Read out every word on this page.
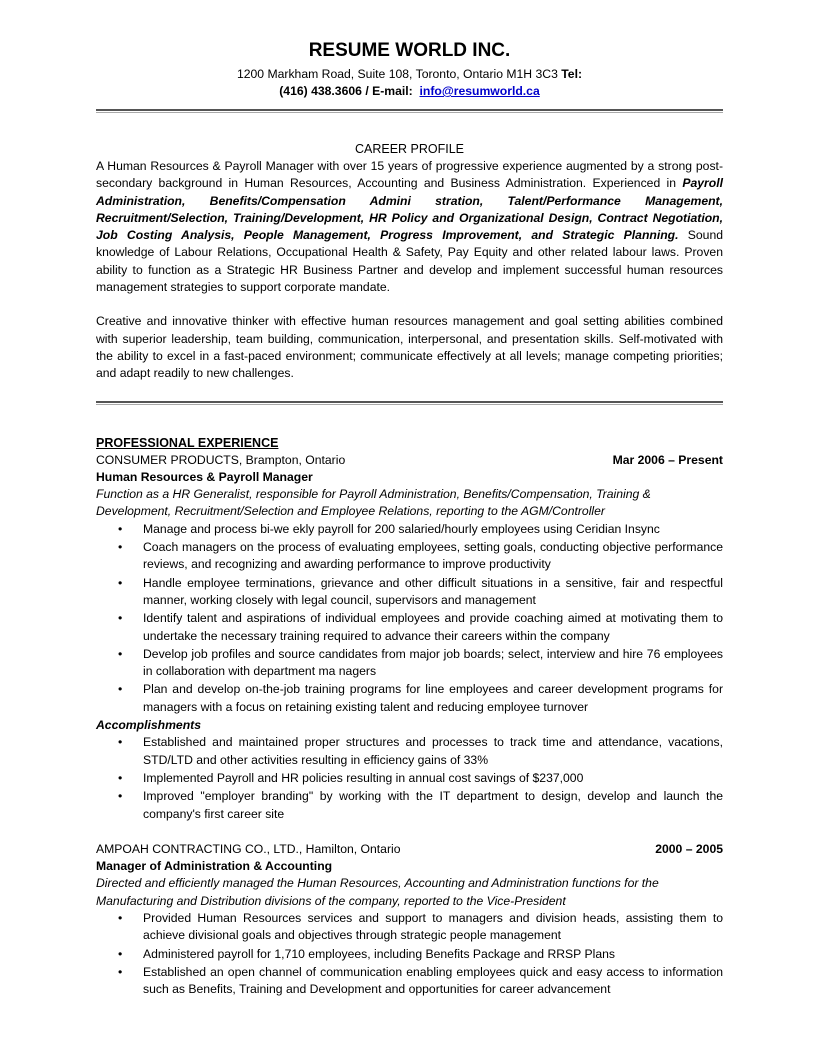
RESUME WORLD INC.
1200 Markham Road, Suite 108, Toronto, Ontario M1H 3C3 Tel:
(416) 438.3606 / E-mail: info@resumworld.ca
CAREER PROFILE

A Human Resources & Payroll Manager with over 15 years of progressive experience augmented by a strong post-secondary background in Human Resources, Accounting and Business Administration. Experienced in Payroll Administration, Benefits/Compensation Admini stration, Talent/Performance Management, Recruitment/Selection, Training/Development, HR Policy and Organizational Design, Contract Negotiation, Job Costing Analysis, People Management, Progress Improvement, and Strategic Planning. Sound knowledge of Labour Relations, Occupational Health & Safety, Pay Equity and other related labour laws. Proven ability to function as a Strategic HR Business Partner and develop and implement successful human resources management strategies to support corporate mandate.

Creative and innovative thinker with effective human resources management and goal setting abilities combined with superior leadership, team building, communication, interpersonal, and presentation skills. Self-motivated with the ability to excel in a fast-paced environment; communicate effectively at all levels; manage competing priorities; and adapt readily to new challenges.

PROFESSIONAL EXPERIENCE
CONSUMER PRODUCTS, Brampton, Ontario	Mar 2006 – Present
Human Resources & Payroll Manager
Function as a HR Generalist, responsible for Payroll Administration, Benefits/Compensation, Training & Development, Recruitment/Selection and Employee Relations, reporting to the AGM/Controller
• Manage and process bi-we ekly payroll for 200 salaried/hourly employees using Ceridian Insync
• Coach managers on the process of evaluating employees, setting goals, conducting objective performance reviews, and recognizing and awarding performance to improve productivity
• Handle employee terminations, grievance and other difficult situations in a sensitive, fair and respectful manner, working closely with legal council, supervisors and management
• Identify talent and aspirations of individual employees and provide coaching aimed at motivating them to undertake the necessary training required to advance their careers within the company
• Develop job profiles and source candidates from major job boards; select, interview and hire 76 employees in collaboration with department ma nagers
• Plan and develop on-the-job training programs for line employees and career development programs for managers with a focus on retaining existing talent and reducing employee turnover
Accomplishments
• Established and maintained proper structures and processes to track time and attendance, vacations, STD/LTD and other activities resulting in efficiency gains of 33%
• Implemented Payroll and HR policies resulting in annual cost savings of $237,000
• Improved "employer branding" by working with the IT department to design, develop and launch the company's first career site
AMPOAH CONTRACTING CO., LTD., Hamilton, Ontario	2000 – 2005
Manager of Administration & Accounting
Directed and efficiently managed the Human Resources, Accounting and Administration functions for the Manufacturing and Distribution divisions of the company, reported to the Vice-President
• Provided Human Resources services and support to managers and division heads, assisting them to achieve divisional goals and objectives through strategic people management
• Administered payroll for 1,710 employees, including Benefits Package and RRSP Plans
• Established an open channel of communication enabling employees quick and easy access to information such as Benefits, Training and Development and opportunities for career advancement
